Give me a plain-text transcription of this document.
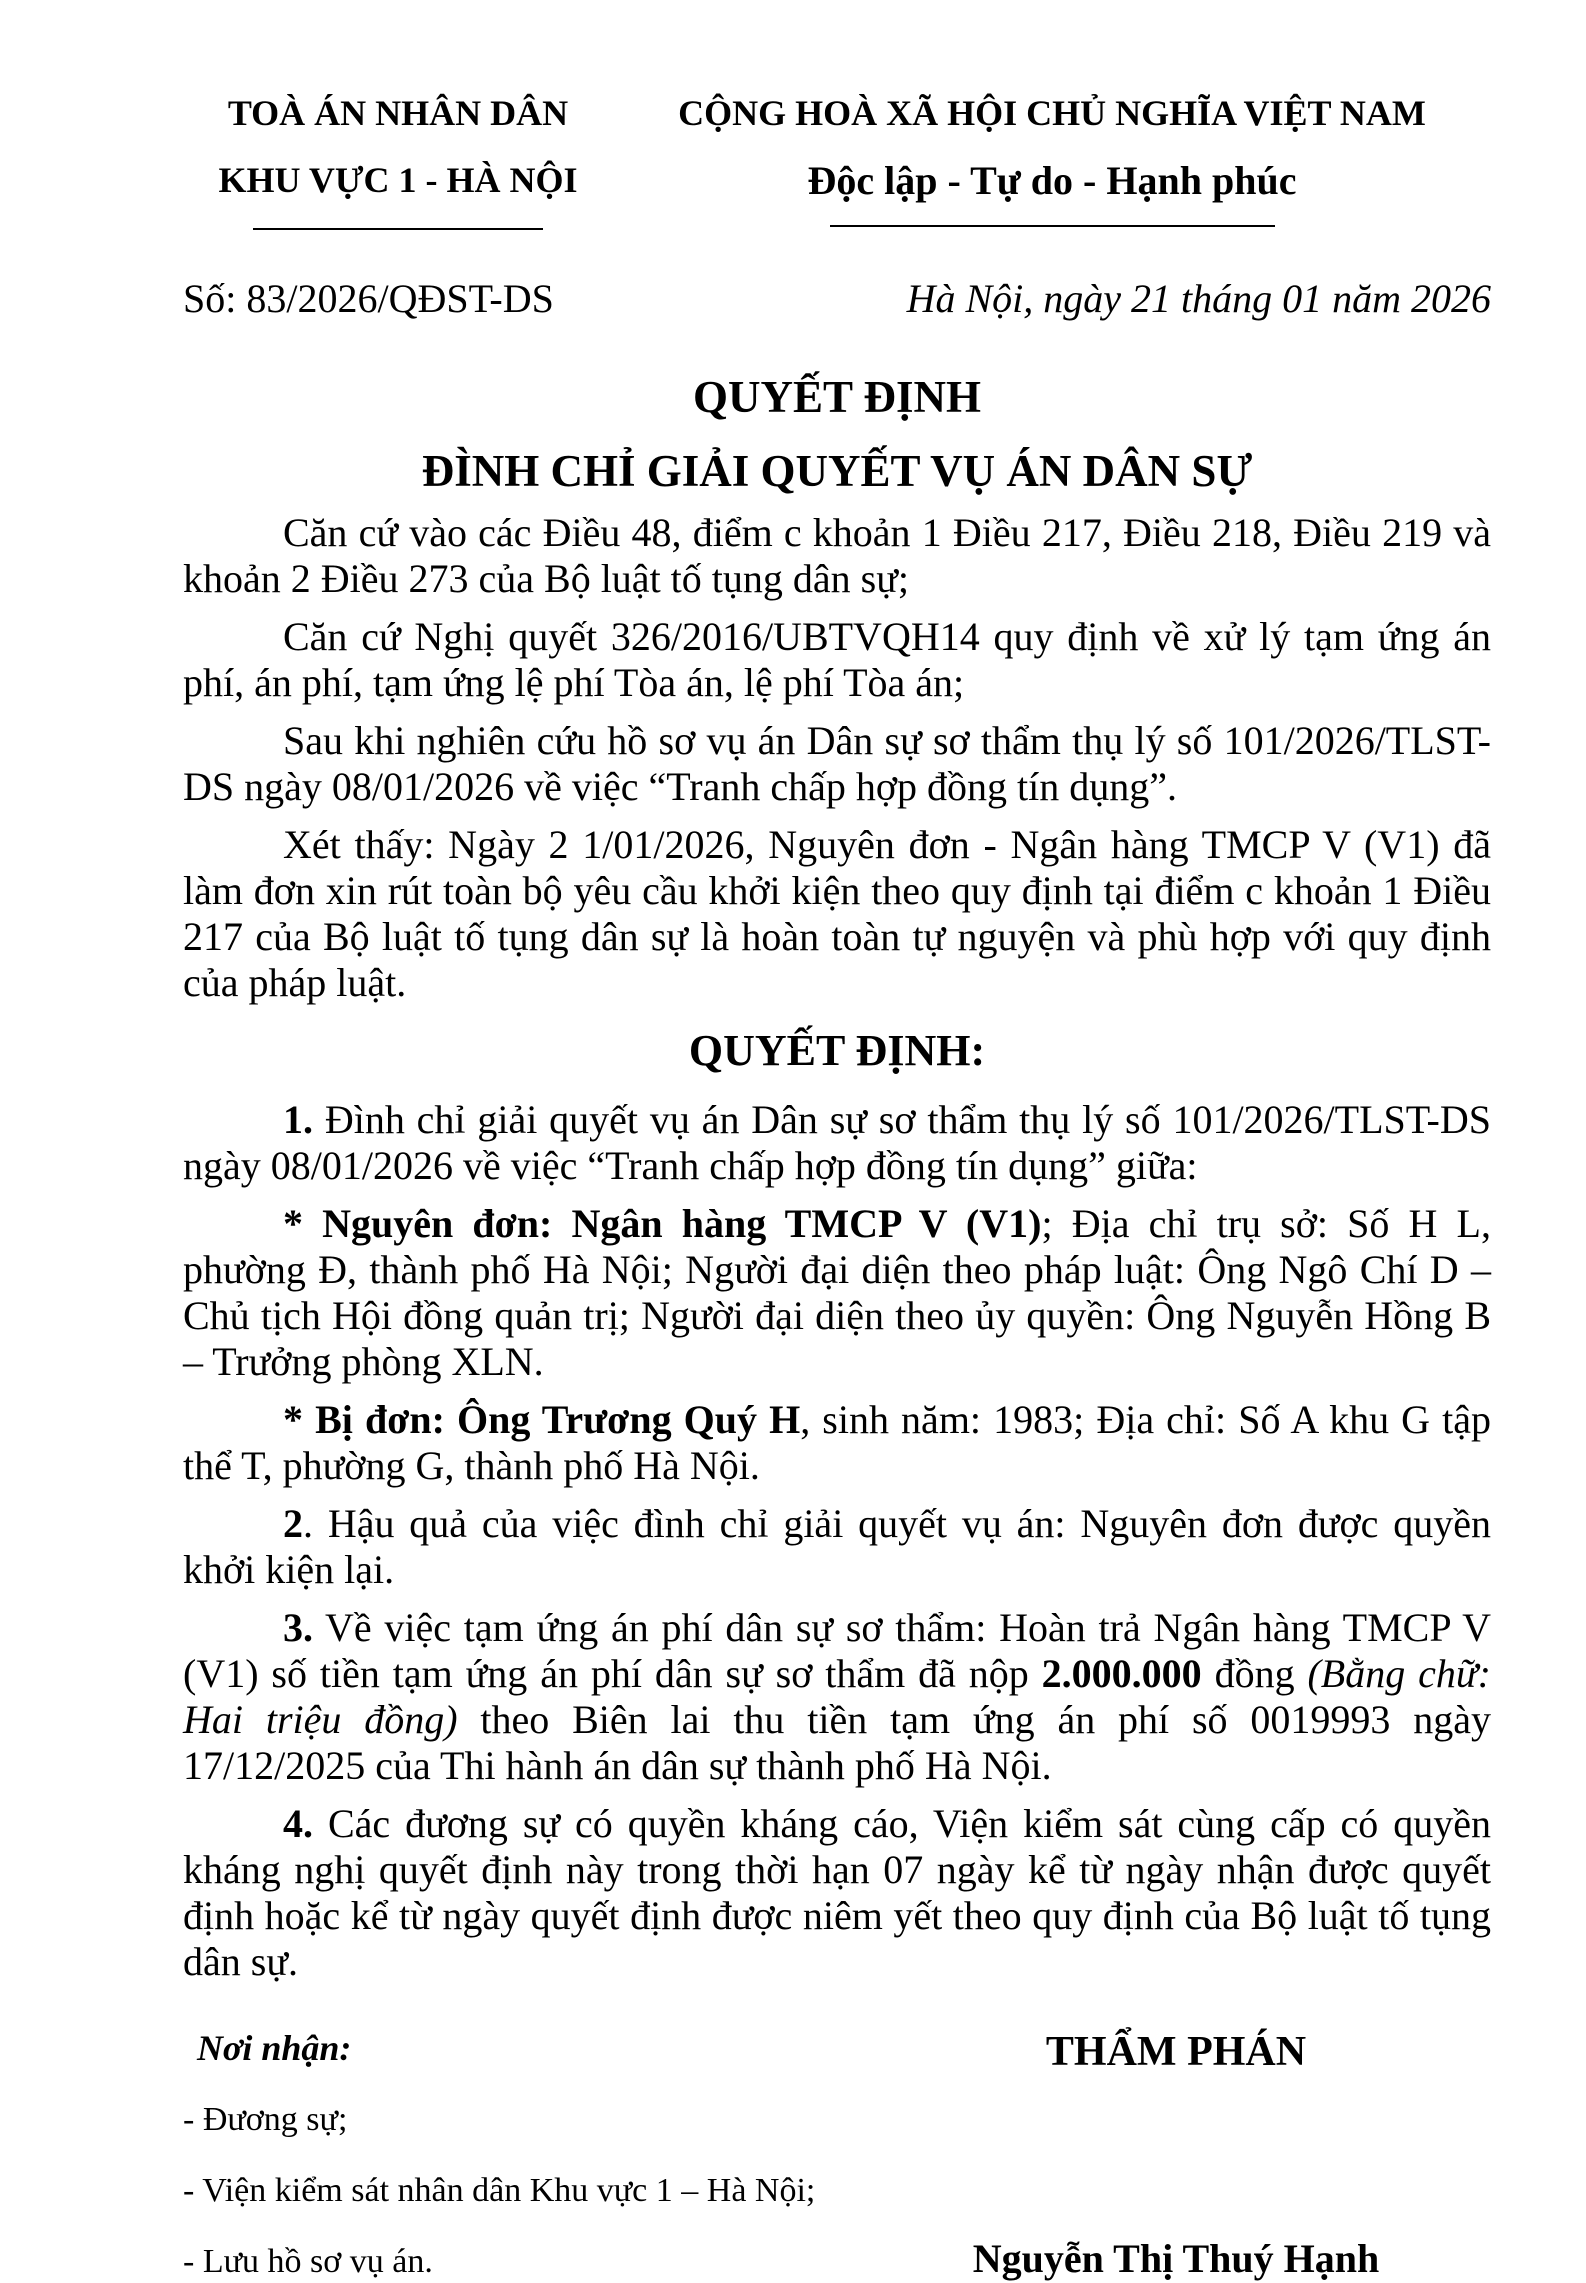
TOÀ ÁN NHÂN DÂN
KHU VỰC 1 - HÀ NỘI
CỘNG HOÀ XÃ HỘI CHỦ NGHĨA VIỆT NAM
Độc lập - Tự do - Hạnh phúc
Số: 83/2026/QĐST-DS	Hà Nội, ngày 21 tháng 01 năm 2026
QUYẾT ĐỊNH
ĐÌNH CHỈ GIẢI QUYẾT VỤ ÁN DÂN SỰ

Căn cứ vào các Điều 48, điểm c khoản 1 Điều 217, Điều 218, Điều 219 và khoản 2 Điều 273 của Bộ luật tố tụng dân sự;

Căn cứ Nghị quyết 326/2016/UBTVQH14 quy định về xử lý tạm ứng án phí, án phí, tạm ứng lệ phí Tòa án, lệ phí Tòa án;

Sau khi nghiên cứu hồ sơ vụ án Dân sự sơ thẩm thụ lý số 101/2026/TLST-DS ngày 08/01/2026 về việc “Tranh chấp hợp đồng tín dụng”.

Xét thấy: Ngày 2 1/01/2026, Nguyên đơn - Ngân hàng TMCP V (V1) đã làm đơn xin rút toàn bộ yêu cầu khởi kiện theo quy định tại điểm c khoản 1 Điều 217 của Bộ luật tố tụng dân sự là hoàn toàn tự nguyện và phù hợp với quy định của pháp luật.

QUYẾT ĐỊNH:

1. Đình chỉ giải quyết vụ án Dân sự sơ thẩm thụ lý số 101/2026/TLST-DS ngày 08/01/2026 về việc “Tranh chấp hợp đồng tín dụng” giữa:

* Nguyên đơn: Ngân hàng TMCP V (V1); Địa chỉ trụ sở: Số H L, phường Đ, thành phố Hà Nội; Người đại diện theo pháp luật: Ông Ngô Chí D – Chủ tịch Hội đồng quản trị; Người đại diện theo ủy quyền: Ông Nguyễn Hồng B – Trưởng phòng XLN.

* Bị đơn: Ông Trương Quý H, sinh năm: 1983; Địa chỉ: Số A khu G tập thể T, phường G, thành phố Hà Nội.

2. Hậu quả của việc đình chỉ giải quyết vụ án: Nguyên đơn được quyền khởi kiện lại.

3. Về việc tạm ứng án phí dân sự sơ thẩm: Hoàn trả Ngân hàng TMCP V (V1) số tiền tạm ứng án phí dân sự sơ thẩm đã nộp 2.000.000 đồng (Bằng chữ: Hai triệu đồng) theo Biên lai thu tiền tạm ứng án phí số 0019993 ngày 17/12/2025 của Thi hành án dân sự thành phố Hà Nội.

4. Các đương sự có quyền kháng cáo, Viện kiểm sát cùng cấp có quyền kháng nghị quyết định này trong thời hạn 07 ngày kể từ ngày nhận được quyết định hoặc kể từ ngày quyết định được niêm yết theo quy định của Bộ luật tố tụng dân sự.

Nơi nhận:
- Đương sự;
- Viện kiểm sát nhân dân Khu vực 1 – Hà Nội;
- Lưu hồ sơ vụ án.
THẨM PHÁN
Nguyễn Thị Thuý Hạnh
